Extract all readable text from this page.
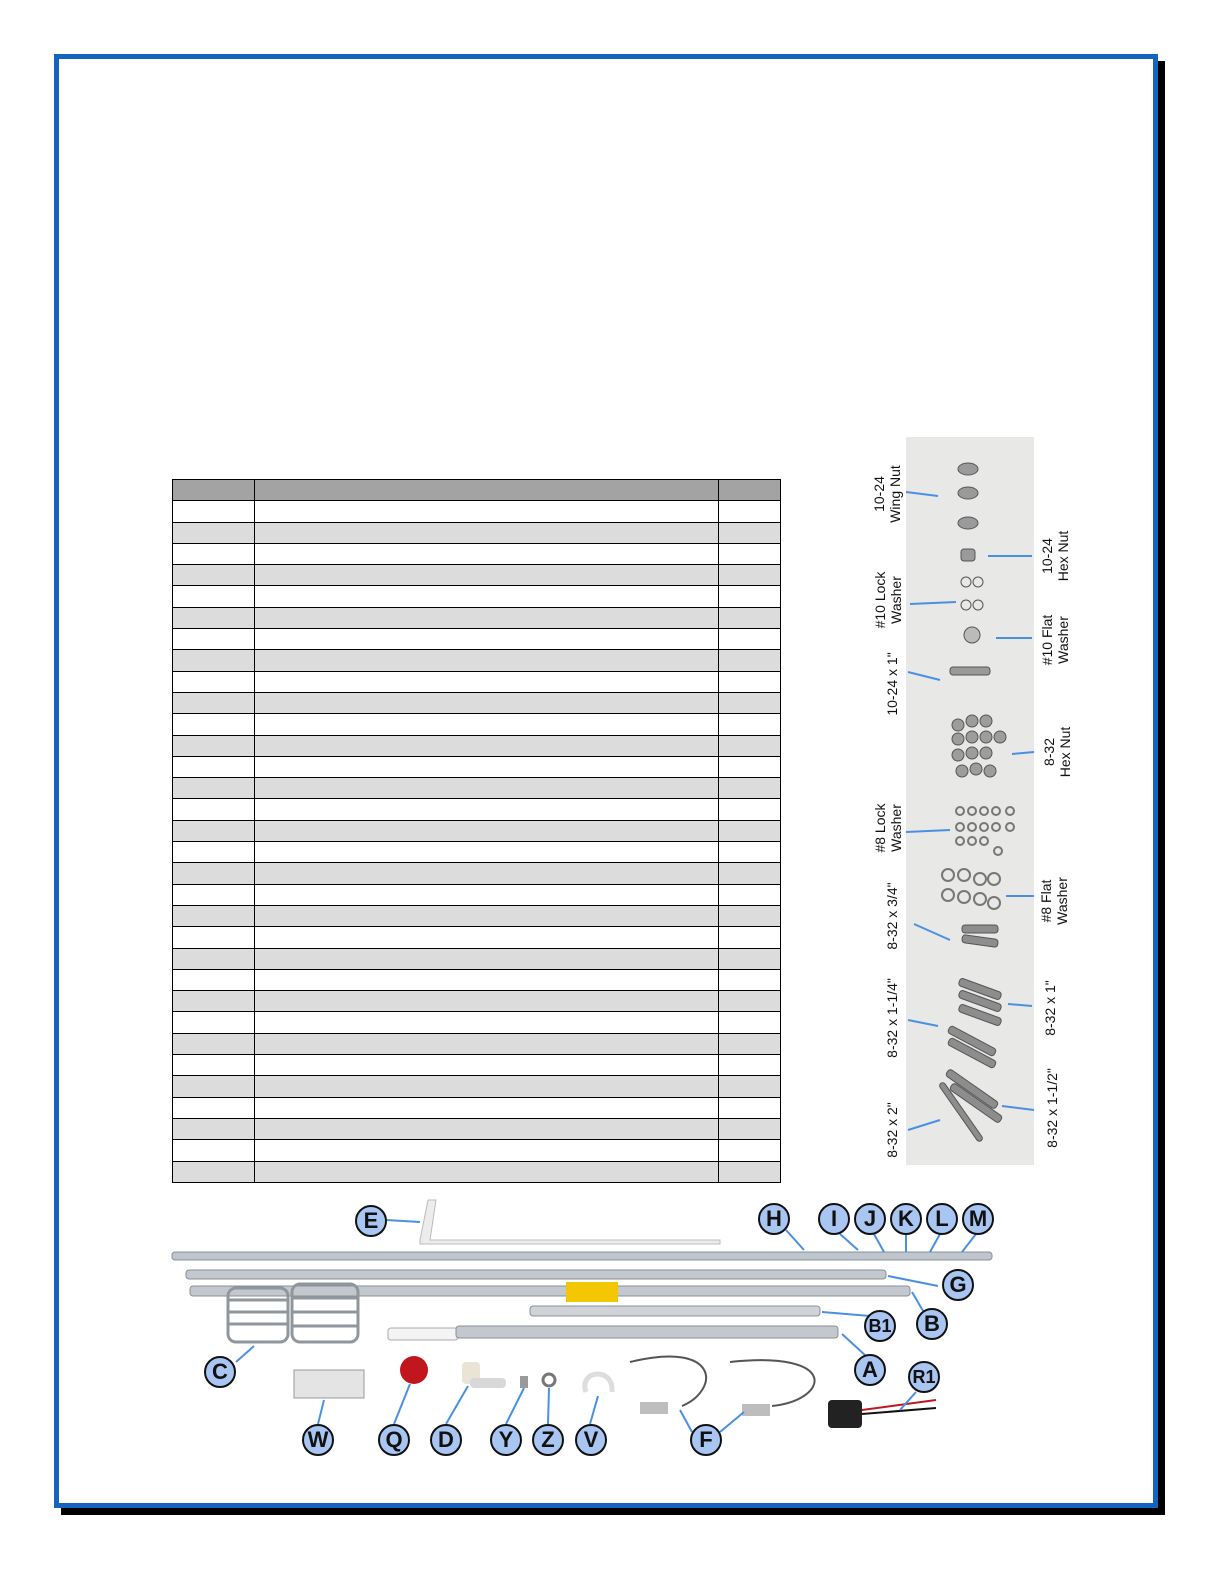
10-24
Wing Nut
10-24
Hex Nut
#10 Lock
Washer
#10 Flat
Washer
10-24 x 1"
8-32
Hex Nut
#8 Lock
Washer
#8 Flat
Washer
8-32 x 3/4"
8-32 x 1"
8-32 x 1-1/4"
8-32 x 1-1/2"
8-32 x 2"
E	H	I	J K L M
G
B
B1
A
C	R1
W	Q	D	Y	Z	V	F
